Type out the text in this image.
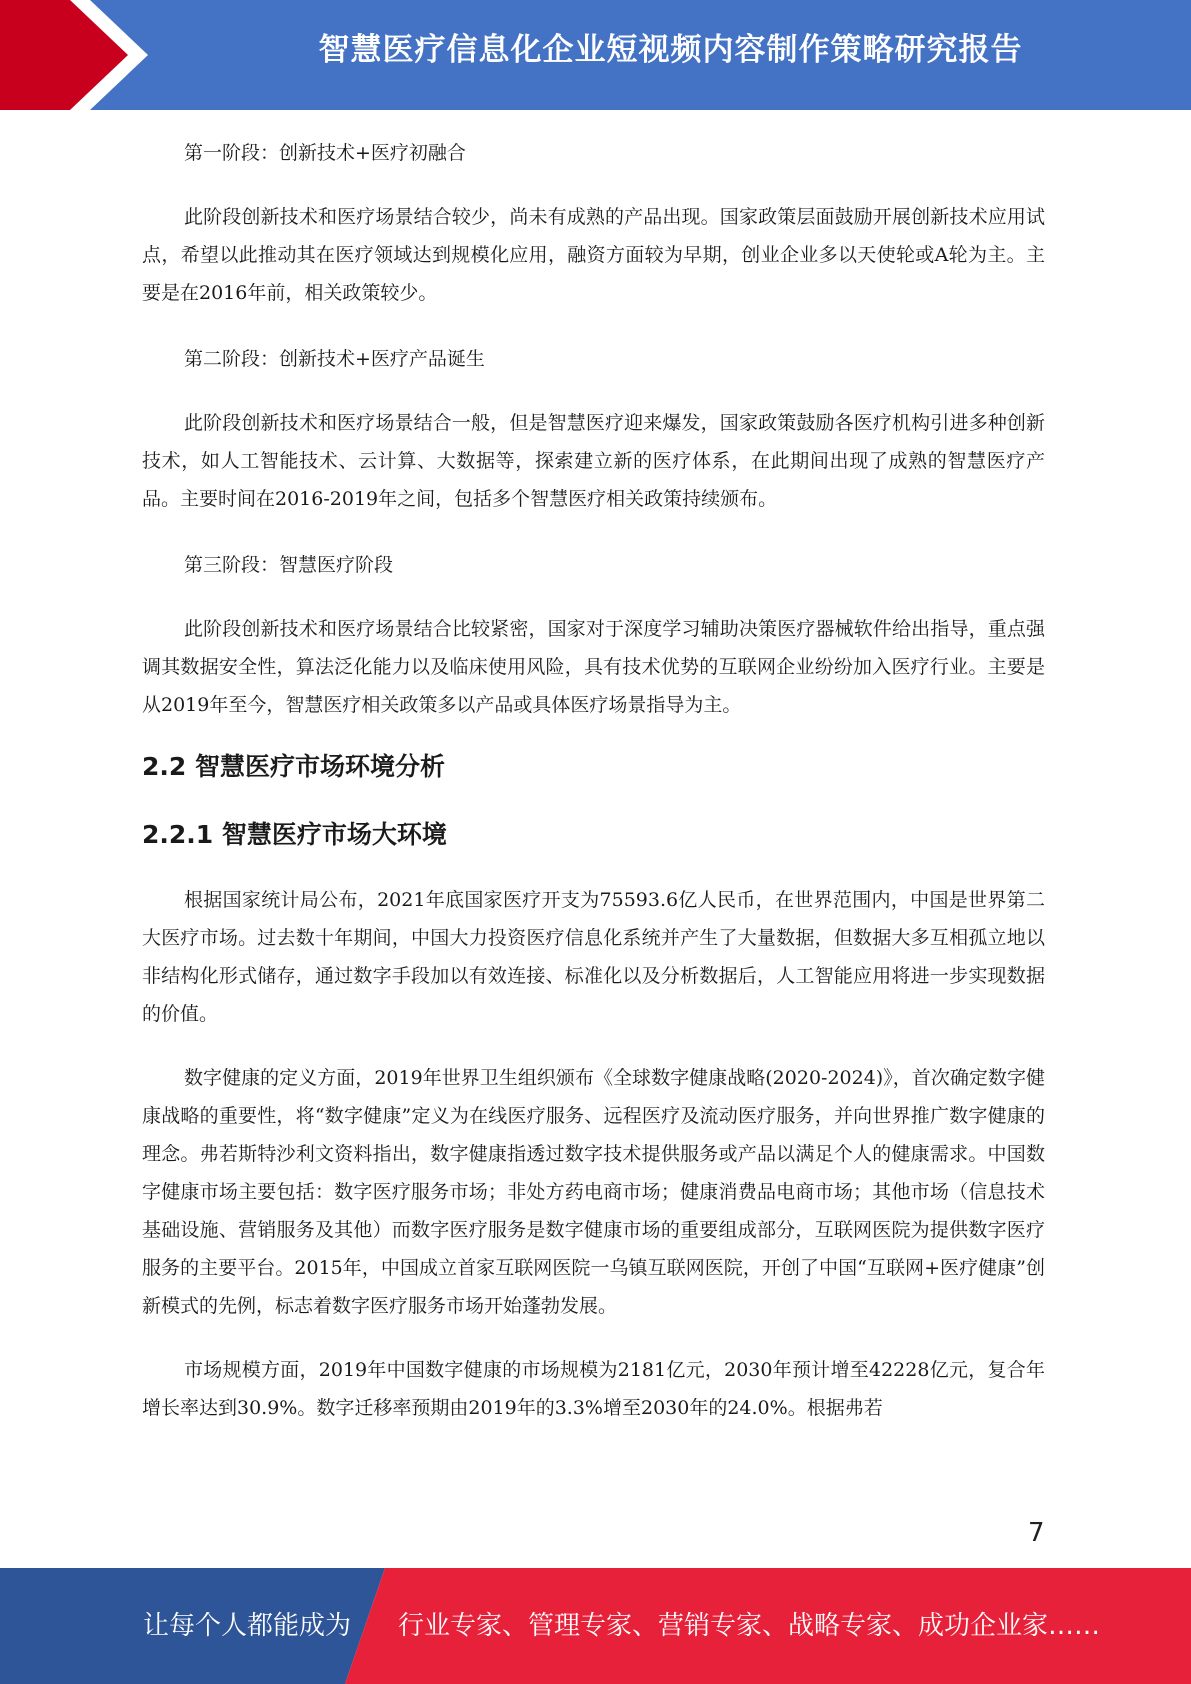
智慧医疗信息化企业短视频内容制作策略研究报告

第一阶段：创新技术+医疗初融合

此阶段创新技术和医疗场景结合较少，尚未有成熟的产品出现。国家政策层面鼓励开展创新技术应用试点，希望以此推动其在医疗领域达到规模化应用，融资方面较为早期，创业企业多以天使轮或A轮为主。主要是在2016年前，相关政策较少。

第二阶段：创新技术+医疗产品诞生

此阶段创新技术和医疗场景结合一般，但是智慧医疗迎来爆发，国家政策鼓励各医疗机构引进多种创新技术，如人工智能技术、云计算、大数据等，探索建立新的医疗体系，在此期间出现了成熟的智慧医疗产品。主要时间在2016-2019年之间，包括多个智慧医疗相关政策持续颁布。

第三阶段：智慧医疗阶段

此阶段创新技术和医疗场景结合比较紧密，国家对于深度学习辅助决策医疗器械软件给出指导，重点强调其数据安全性，算法泛化能力以及临床使用风险，具有技术优势的互联网企业纷纷加入医疗行业。主要是从2019年至今，智慧医疗相关政策多以产品或具体医疗场景指导为主。

2.2 智慧医疗市场环境分析
2.2.1 智慧医疗市场大环境

根据国家统计局公布，2021年底国家医疗开支为75593.6亿人民币，在世界范围内，中国是世界第二大医疗市场。过去数十年期间，中国大力投资医疗信息化系统并产生了大量数据，但数据大多互相孤立地以非结构化形式储存，通过数字手段加以有效连接、标准化以及分析数据后，人工智能应用将进一步实现数据的价值。

数字健康的定义方面，2019年世界卫生组织颁布《全球数字健康战略(2020-2024)》，首次确定数字健康战略的重要性，将“数字健康”定义为在线医疗服务、远程医疗及流动医疗服务，并向世界推广数字健康的理念。弗若斯特沙利文资料指出，数字健康指透过数字技术提供服务或产品以满足个人的健康需求。中国数字健康市场主要包括：数字医疗服务市场；非处方药电商市场；健康消费品电商市场；其他市场（信息技术基础设施、营销服务及其他）而数字医疗服务是数字健康市场的重要组成部分，互联网医院为提供数字医疗服务的主要平台。2015年，中国成立首家互联网医院一乌镇互联网医院，开创了中国“互联网+医疗健康”创新模式的先例，标志着数字医疗服务市场开始蓬勃发展。

市场规模方面，2019年中国数字健康的市场规模为2181亿元，2030年预计增至42228亿元，复合年增长率达到30.9%。数字迁移率预期由2019年的3.3%增至2030年的24.0%。根据弗若

7
让每个人都能成为 行业专家、管理专家、营销专家、战略专家、成功企业家……
